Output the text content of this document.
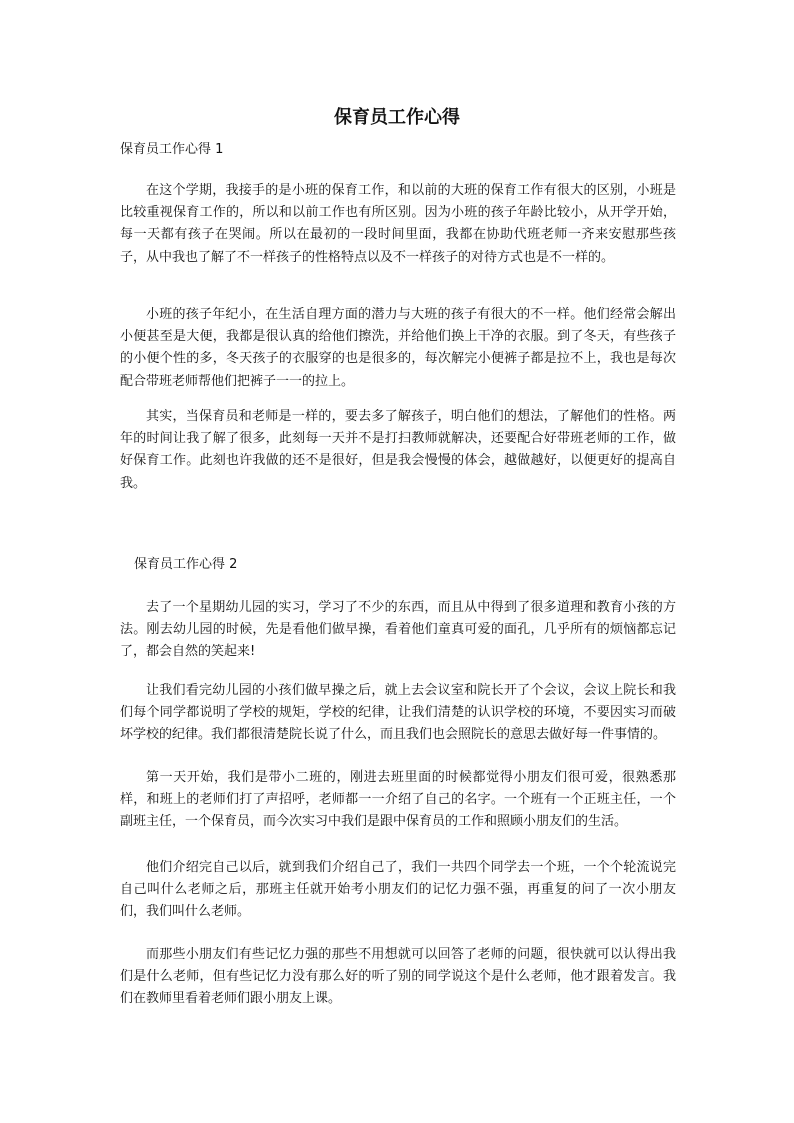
保育员工作心得

保育员工作心得 1

在这个学期，我接手的是小班的保育工作，和以前的大班的保育工作有很大的区别，小班是比较重视保育工作的，所以和以前工作也有所区别。因为小班的孩子年龄比较小，从开学开始，每一天都有孩子在哭闹。所以在最初的一段时间里面，我都在协助代班老师一齐来安慰那些孩子，从中我也了解了不一样孩子的性格特点以及不一样孩子的对待方式也是不一样的。

小班的孩子年纪小，在生活自理方面的潜力与大班的孩子有很大的不一样。他们经常会解出小便甚至是大便，我都是很认真的给他们擦洗，并给他们换上干净的衣服。到了冬天，有些孩子的小便个性的多，冬天孩子的衣服穿的也是很多的，每次解完小便裤子都是拉不上，我也是每次配合带班老师帮他们把裤子一一的拉上。

其实，当保育员和老师是一样的，要去多了解孩子，明白他们的想法，了解他们的性格。两年的时间让我了解了很多，此刻每一天并不是打扫教师就解决，还要配合好带班老师的工作，做好保育工作。此刻也许我做的还不是很好，但是我会慢慢的体会，越做越好，以便更好的提高自我。

保育员工作心得 2

去了一个星期幼儿园的实习，学习了不少的东西，而且从中得到了很多道理和教育小孩的方法。刚去幼儿园的时候，先是看他们做早操，看着他们童真可爱的面孔，几乎所有的烦恼都忘记了，都会自然的笑起来!

让我们看完幼儿园的小孩们做早操之后，就上去会议室和院长开了个会议，会议上院长和我们每个同学都说明了学校的规矩，学校的纪律，让我们清楚的认识学校的环境，不要因实习而破坏学校的纪律。我们都很清楚院长说了什么，而且我们也会照院长的意思去做好每一件事情的。

第一天开始，我们是带小二班的，刚进去班里面的时候都觉得小朋友们很可爱，很熟悉那样，和班上的老师们打了声招呼，老师都一一介绍了自己的名字。一个班有一个正班主任，一个副班主任，一个保育员，而今次实习中我们是跟中保育员的工作和照顾小朋友们的生活。

他们介绍完自己以后，就到我们介绍自己了，我们一共四个同学去一个班，一个个轮流说完自己叫什么老师之后，那班主任就开始考小朋友们的记忆力强不强，再重复的问了一次小朋友们，我们叫什么老师。

而那些小朋友们有些记忆力强的那些不用想就可以回答了老师的问题，很快就可以认得出我们是什么老师，但有些记忆力没有那么好的听了别的同学说这个是什么老师，他才跟着发言。我们在教师里看着老师们跟小朋友上课。
